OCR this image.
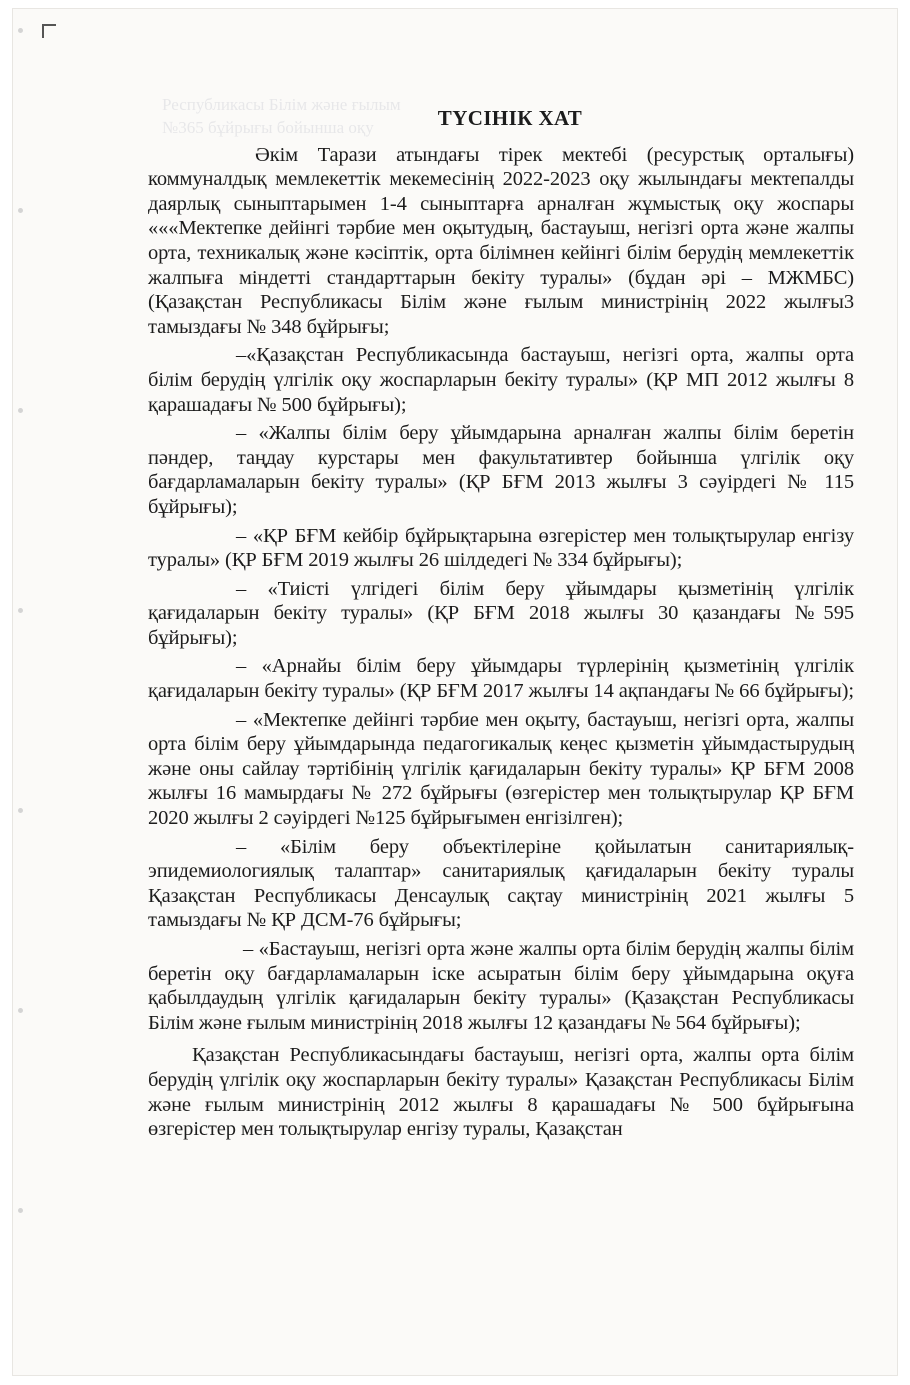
Республикасы Білім және ғылым
№365 бұйрығы бойынша оқу	ТҮСІНІК ХАТ

Әкім Тарази атындағы тірек мектебі (ресурстық орталығы) коммуналдық мемлекеттік мекемесінің 2022-2023 оқу жылындағы мектепалды даярлық сыныптарымен 1-4 сыныптарға арналған жұмыстық оқу жоспары «««Мектепке дейінгі тәрбие мен оқытудың, бастауыш, негізгі орта және жалпы орта, техникалық және кәсіптік, орта білімнен кейінгі білім берудің мемлекеттік жалпыға міндетті стандарттарын бекіту туралы» (бұдан әрі – МЖМБС) (Қазақстан Республикасы Білім және ғылым министрінің 2022 жылғы3 тамыздағы № 348 бұйрығы;

–«Қазақстан Республикасында бастауыш, негізгі орта, жалпы орта білім берудің үлгілік оқу жоспарларын бекіту туралы» (ҚР МП 2012 жылғы 8 қарашадағы № 500 бұйрығы);

– «Жалпы білім беру ұйымдарына арналған жалпы білім беретін пәндер, таңдау курстары мен факультативтер бойынша үлгілік оқу бағдарламаларын бекіту туралы» (ҚР БҒМ 2013 жылғы 3 сәуірдегі № 115 бұйрығы);

– «ҚР БҒМ кейбір бұйрықтарына өзгерістер мен толықтырулар енгізу туралы» (ҚР БҒМ 2019 жылғы 26 шілдедегі № 334 бұйрығы);

– «Тиісті үлгідегі білім беру ұйымдары қызметінің үлгілік қағидаларын бекіту туралы» (ҚР БҒМ 2018 жылғы 30 қазандағы №595 бұйрығы);

– «Арнайы білім беру ұйымдары түрлерінің қызметінің үлгілік қағидаларын бекіту туралы» (ҚР БҒМ 2017 жылғы 14 ақпандағы № 66 бұйрығы);

– «Мектепке дейінгі тәрбие мен оқыту, бастауыш, негізгі орта, жалпы орта білім беру ұйымдарында педагогикалық кеңес қызметін ұйымдастырудың және оны сайлау тәртібінің үлгілік қағидаларын бекіту туралы» ҚР БҒМ 2008 жылғы 16 мамырдағы № 272 бұйрығы (өзгерістер мен толықтырулар ҚР БҒМ 2020 жылғы 2 сәуірдегі №125 бұйрығымен енгізілген);

– «Білім беру объектілеріне қойылатын санитариялық-эпидемиологиялық талаптар» санитариялық қағидаларын бекіту туралы Қазақстан Республикасы Денсаулық сақтау министрінің 2021 жылғы 5 тамыздағы № ҚР ДСМ-76 бұйрығы;

– «Бастауыш, негізгі орта және жалпы орта білім берудің жалпы білім беретін оқу бағдарламаларын іске асыратын білім беру ұйымдарына оқуға қабылдаудың үлгілік қағидаларын бекіту туралы» (Қазақстан Республикасы Білім және ғылым министрінің 2018 жылғы 12 қазандағы № 564 бұйрығы);

Қазақстан Республикасындағы бастауыш, негізгі орта, жалпы орта білім берудің үлгілік оқу жоспарларын бекіту туралы» Қазақстан Республикасы Білім және ғылым министрінің 2012 жылғы 8 қарашадағы № 500 бұйрығына өзгерістер мен толықтырулар енгізу туралы, Қазақстан
